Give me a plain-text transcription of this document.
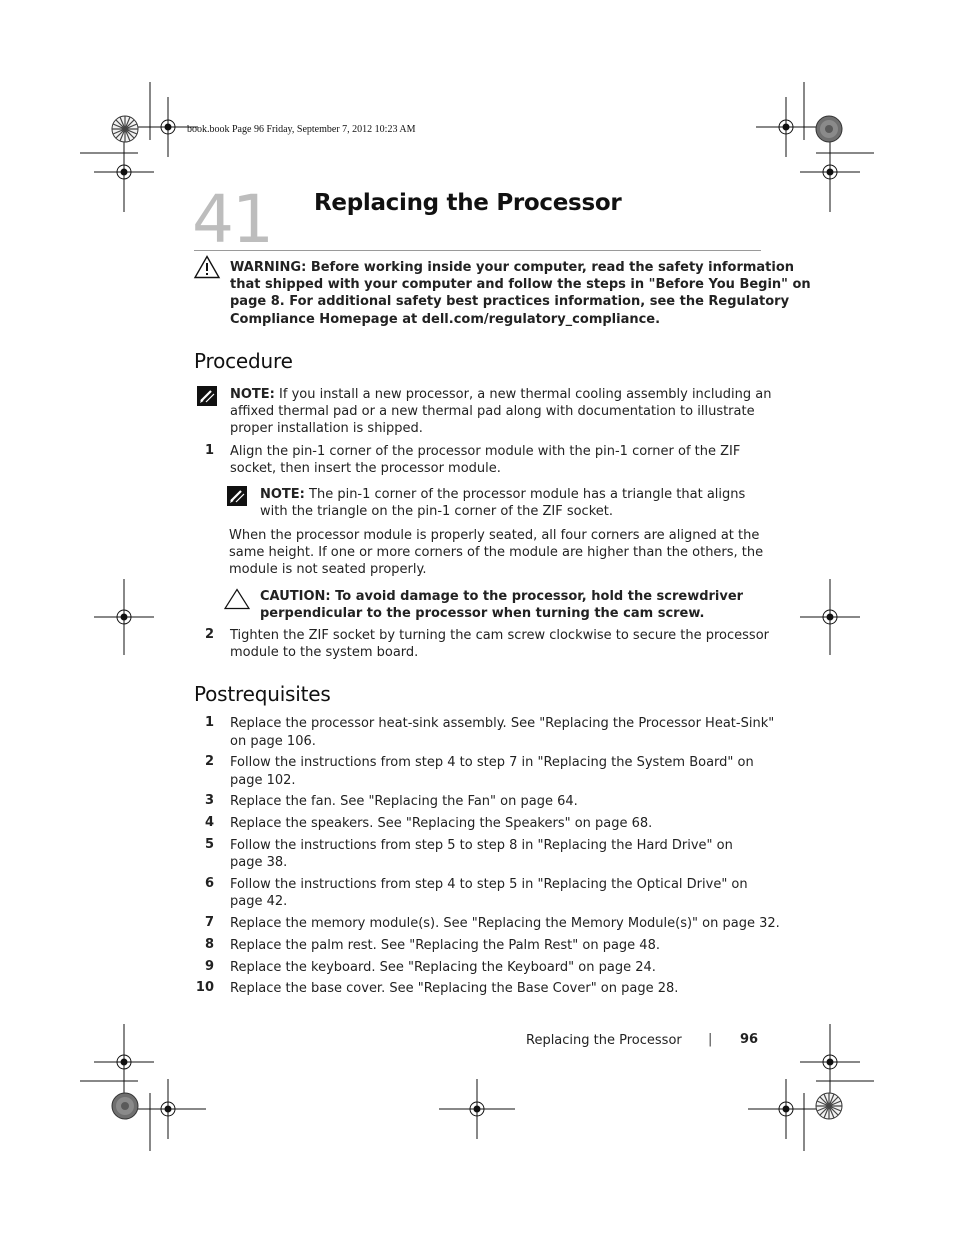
book.book Page 96 Friday, September 7, 2012 10:23 AM
41 Replacing the Processor
WARNING: Before working inside your computer, read the safety information
that shipped with your computer and follow the steps in "Before You Begin" on
page 8. For additional safety best practices information, see the Regulatory
Compliance Homepage at dell.com/regulatory_compliance.
Procedure
NOTE: If you install a new processor, a new thermal cooling assembly including an
affixed thermal pad or a new thermal pad along with documentation to illustrate
proper installation is shipped.
1 Align the pin-1 corner of the processor module with the pin-1 corner of the ZIF
socket, then insert the processor module.
NOTE: The pin-1 corner of the processor module has a triangle that aligns
with the triangle on the pin-1 corner of the ZIF socket.
When the processor module is properly seated, all four corners are aligned at the
same height. If one or more corners of the module are higher than the others, the
module is not seated properly.
CAUTION: To avoid damage to the processor, hold the screwdriver
perpendicular to the processor when turning the cam screw.
2 Tighten the ZIF socket by turning the cam screw clockwise to secure the processor
module to the system board.
Postrequisites
1 Replace the processor heat-sink assembly. See "Replacing the Processor Heat-Sink"
on page 106.
2 Follow the instructions from step 4 to step 7 in "Replacing the System Board" on
page 102.
3 Replace the fan. See "Replacing the Fan" on page 64.
4 Replace the speakers. See "Replacing the Speakers" on page 68.
5 Follow the instructions from step 5 to step 8 in "Replacing the Hard Drive" on
page 38.
6 Follow the instructions from step 4 to step 5 in "Replacing the Optical Drive" on
page 42.
7 Replace the memory module(s). See "Replacing the Memory Module(s)" on page 32.
8 Replace the palm rest. See "Replacing the Palm Rest" on page 48.
9 Replace the keyboard. See "Replacing the Keyboard" on page 24.
10 Replace the base cover. See "Replacing the Base Cover" on page 28.
Replacing the Processor | 96
